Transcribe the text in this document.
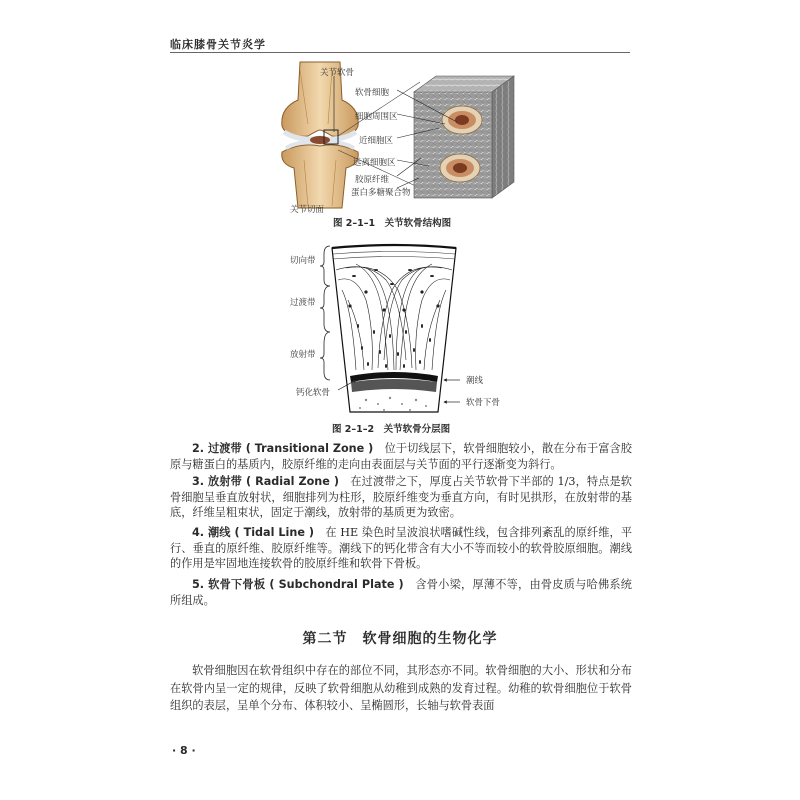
临床膝骨关节炎学
关节软骨
关节切面
软骨细胞
细胞周围区
近细胞区
远离细胞区
胶原纤维
蛋白多糖聚合物
图 2–1–1　关节软骨结构图
切向带
过渡带
放射带
钙化软骨
潮线
软骨下骨
图 2–1–2　关节软骨分层图
2. 过渡带 ( Transitional Zone )　位于切线层下，软骨细胞较小，散在分布于富含胶原与糖蛋白的基质内，胶原纤维的走向由表面层与关节面的平行逐渐变为斜行。
3. 放射带 ( Radial Zone )　在过渡带之下，厚度占关节软骨下半部的 1/3，特点是软骨细胞呈垂直放射状，细胞排列为柱形，胶原纤维变为垂直方向，有时见拱形，在放射带的基底，纤维呈粗束状，固定于潮线，放射带的基质更为致密。
4. 潮线 ( Tidal Line )　在 HE 染色时呈波浪状嗜碱性线，包含排列紊乱的原纤维，平行、垂直的原纤维、胶原纤维等。潮线下的钙化带含有大小不等而较小的软骨胶原细胞。潮线的作用是牢固地连接软骨的胶原纤维和软骨下骨板。
5. 软骨下骨板 ( Subchondral Plate )　含骨小梁，厚薄不等，由骨皮质与哈佛系统所组成。
第二节　软骨细胞的生物化学
软骨细胞因在软骨组织中存在的部位不同，其形态亦不同。软骨细胞的大小、形状和分布在软骨内呈一定的规律，反映了软骨细胞从幼稚到成熟的发育过程。幼稚的软骨细胞位于软骨组织的表层，呈单个分布、体积较小、呈椭圆形，长轴与软骨表面
· 8 ·
